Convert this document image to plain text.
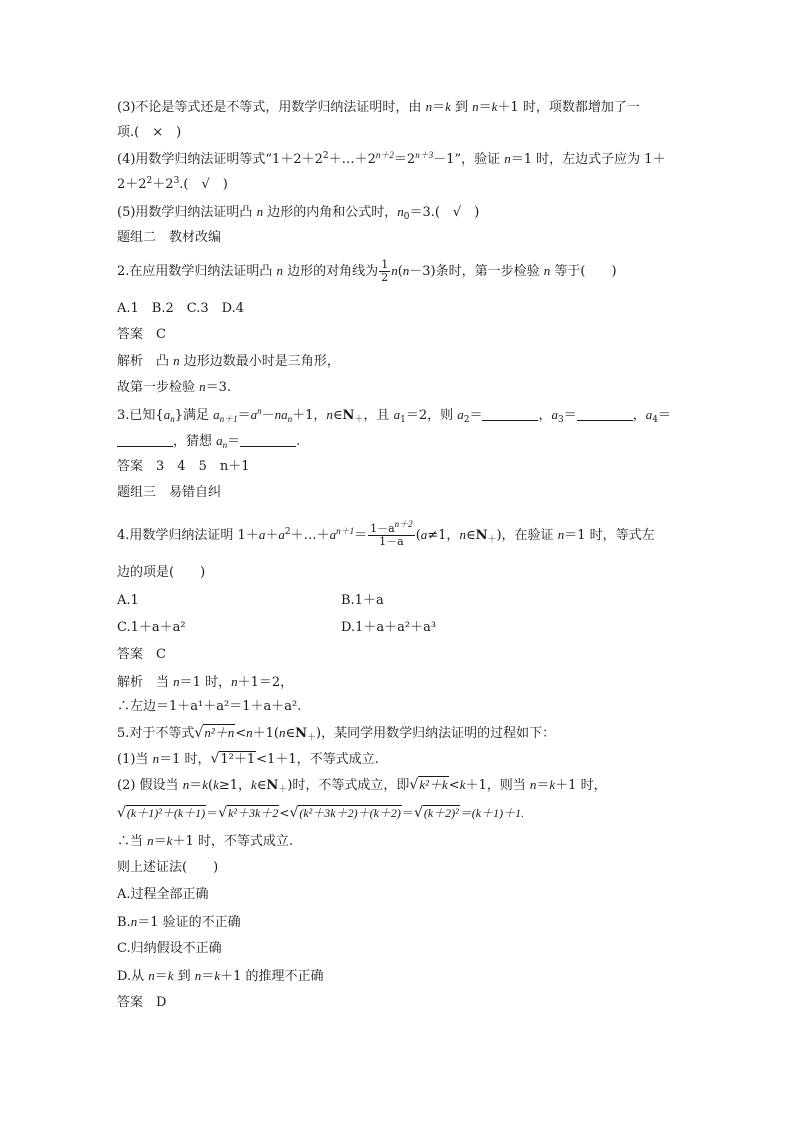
(3)不论是等式还是不等式，用数学归纳法证明时，由 n＝k 到 n＝k＋1 时，项数都增加了一
项.(　×　)
(4)用数学归纳法证明等式“$1+2+2^2+\dots+2^{n+2}=2^{n+3}-1$”，验证 n＝1 时，左边式子应为 1＋
$2+2^2+2^3$.(　√　)
(5)用数学归纳法证明凸 n 边形的内角和公式时，$n_0=3$.(　√　)
题组二　教材改编
2.在应用数学归纳法证明凸 n 边形的对角线为 $\frac{1}{2} n(n-3)$条时，第一步检验 n 等于(　　)
A.1　B.2　C.3　D.4
答案　 C
解析　 凸 n 边形边数最小时是三角形，
故第一步检验 n＝3.
3.已知$\{a_n\}$满足 $a_{n+1}=a^n-na_n+1$，$n\in N_+$，且 $a_1=2$，则 $a_2=$	，$a_3=$	，$a_4=$
，猜想 $a_n=$	.
答案　 3　4　5　n＋1
题组三　易错自纠
4.用数学归纳法证明 $1+a+a^2+\dots+a^{n+1}= \frac{1-a^{n+2}}{1-a} (a\ne 1$，$n\in N_+$)，在验证 n＝1 时，等式左
边的项是(　　)
A.1	B.1＋a
C.1＋a＋a²	D.1＋a＋a²＋a³
答案　 C
解析　 当 n＝1 时，n＋1＝2，
∴左边＝1＋a¹＋a²＝1＋a＋a².
5.对于不等式$√n^2+n<n+1(n\in N_+)$，某同学用数学归纳法证明的过程如下：
(1)当 n＝1 时，√1²＋1<1＋1，不等式成立.
(2) 假设当 n＝k(k≥1，$k\in N_+$)时，不等式成立，即√k²＋k<k＋1，则当 n＝k＋1 时，
√(k＋1)²＋(k＋1)＝√k²＋3k＋2<√(k²＋3k＋2)＋(k＋2)＝√(k＋2)²＝(k＋1)＋1.
∴当 n＝k＋1 时，不等式成立.
则上述证法(　　)
A.过程全部正确
B.n＝1 验证的不正确
C.归纳假设不正确
D.从 n＝k 到 n＝k＋1 的推理不正确
答案　 D
